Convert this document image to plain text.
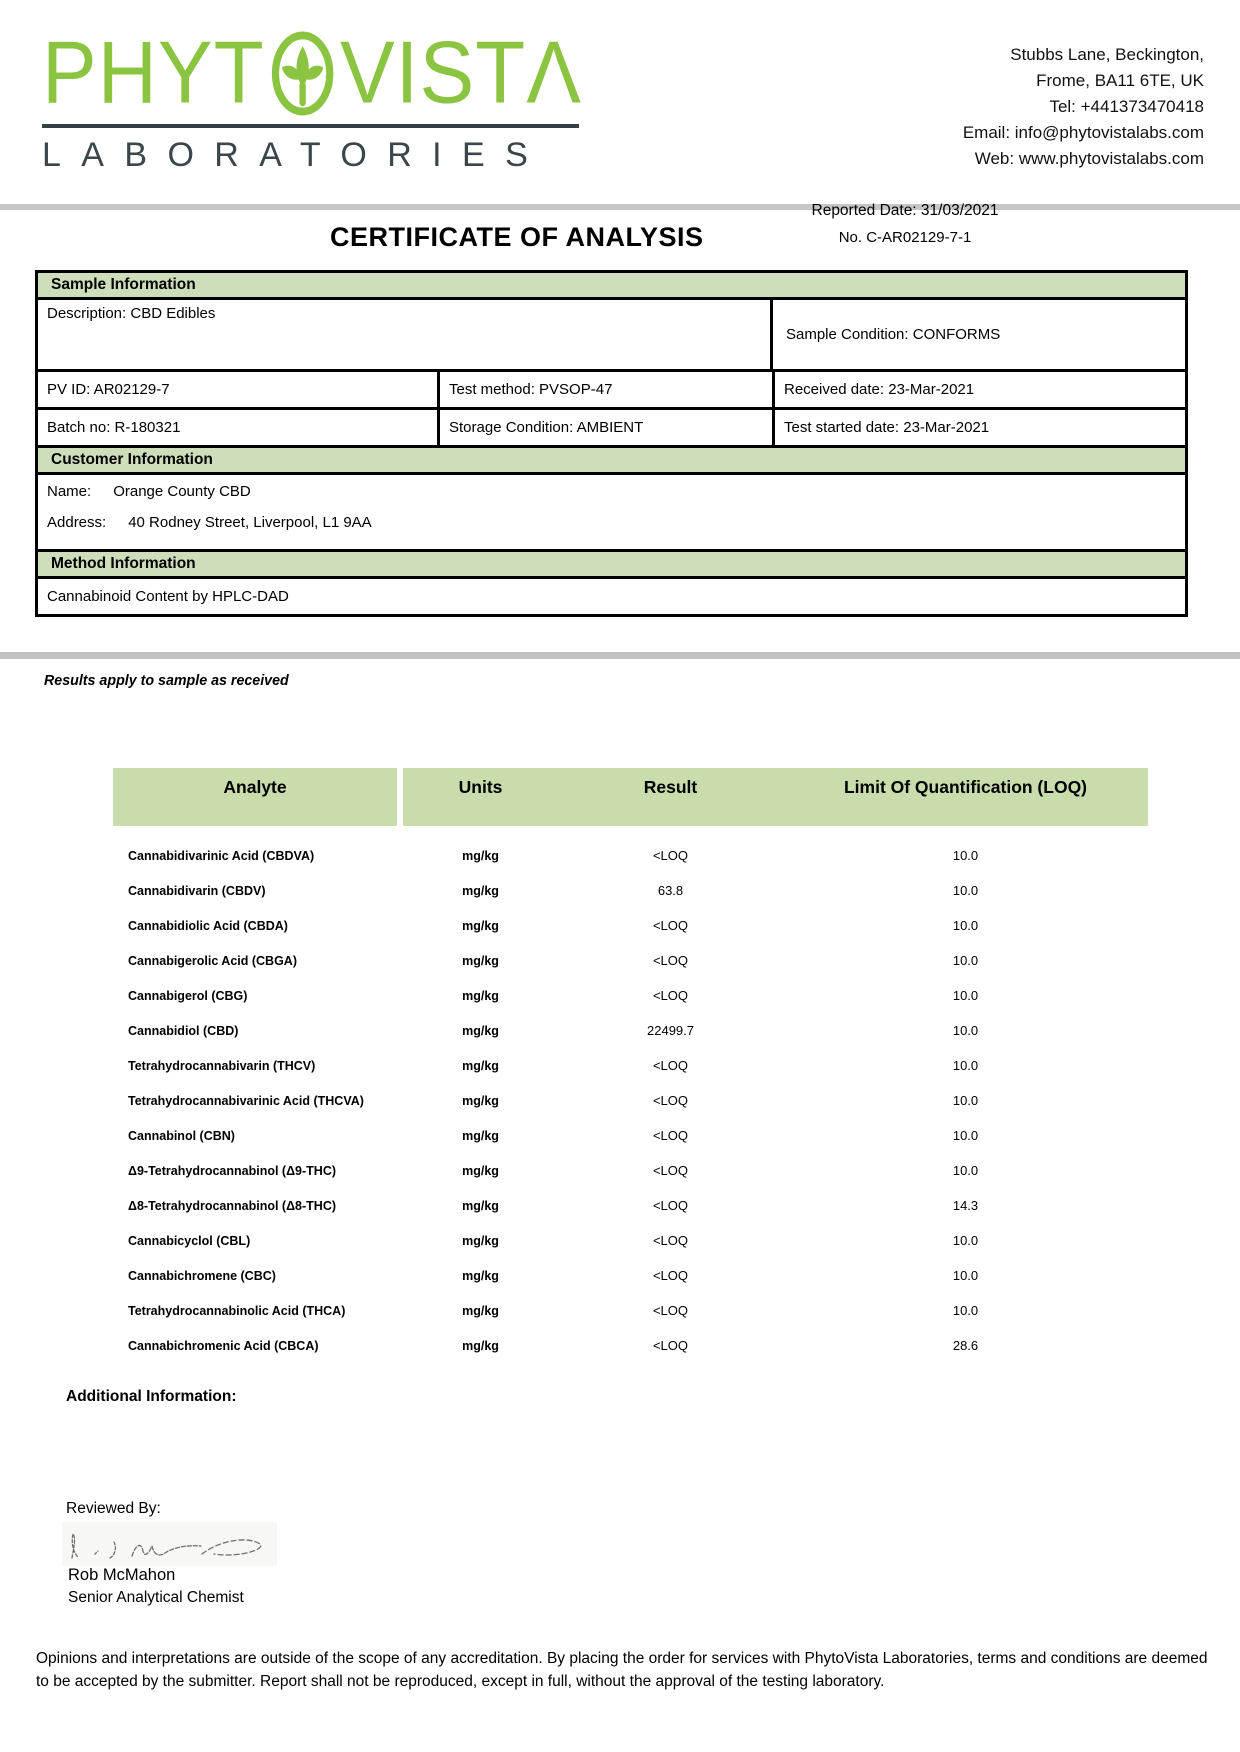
PHYT VISTΛ
LABORATORIES
Stubbs Lane, Beckington,
Frome, BA11 6TE, UK
Tel: +441373470418
Email: info@phytovistalabs.com
Web: www.phytovistalabs.com
Reported Date: 31/03/2021
No. C-AR02129-7-1
CERTIFICATE OF ANALYSIS
Sample Information
Description: CBD Edibles
Sample Condition: CONFORMS
PV ID: AR02129-7	Test method: PVSOP-47	Received date: 23-Mar-2021
Batch no: R-180321	Storage Condition: AMBIENT	Test started date: 23-Mar-2021
Customer Information
Name: Orange County CBD
Address: 40 Rodney Street, Liverpool, L1 9AA
Method Information
Cannabinoid Content by HPLC-DAD
Results apply to sample as received
Analyte	Units	Result	Limit Of Quantification (LOQ)
Cannabidivarinic Acid (CBDVA)	mg/kg	<LOQ	10.0
Cannabidivarin (CBDV)	mg/kg	63.8	10.0
Cannabidiolic Acid (CBDA)	mg/kg	<LOQ	10.0
Cannabigerolic Acid (CBGA)	mg/kg	<LOQ	10.0
Cannabigerol (CBG)	mg/kg	<LOQ	10.0
Cannabidiol (CBD)	mg/kg	22499.7	10.0
Tetrahydrocannabivarin (THCV)	mg/kg	<LOQ	10.0
Tetrahydrocannabivarinic Acid (THCVA)	mg/kg	<LOQ	10.0
Cannabinol (CBN)	mg/kg	<LOQ	10.0
Δ9-Tetrahydrocannabinol (Δ9-THC)	mg/kg	<LOQ	10.0
Δ8-Tetrahydrocannabinol (Δ8-THC)	mg/kg	<LOQ	14.3
Cannabicyclol (CBL)	mg/kg	<LOQ	10.0
Cannabichromene (CBC)	mg/kg	<LOQ	10.0
Tetrahydrocannabinolic Acid (THCA)	mg/kg	<LOQ	10.0
Cannabichromenic Acid (CBCA)	mg/kg	<LOQ	28.6
Additional Information:
Reviewed By:
Rob McMahon
Senior Analytical Chemist
Opinions and interpretations are outside of the scope of any accreditation. By placing the order for services with PhytoVista Laboratories, terms and conditions are deemed to be accepted by the submitter. Report shall not be reproduced, except in full, without the approval of the testing laboratory.
